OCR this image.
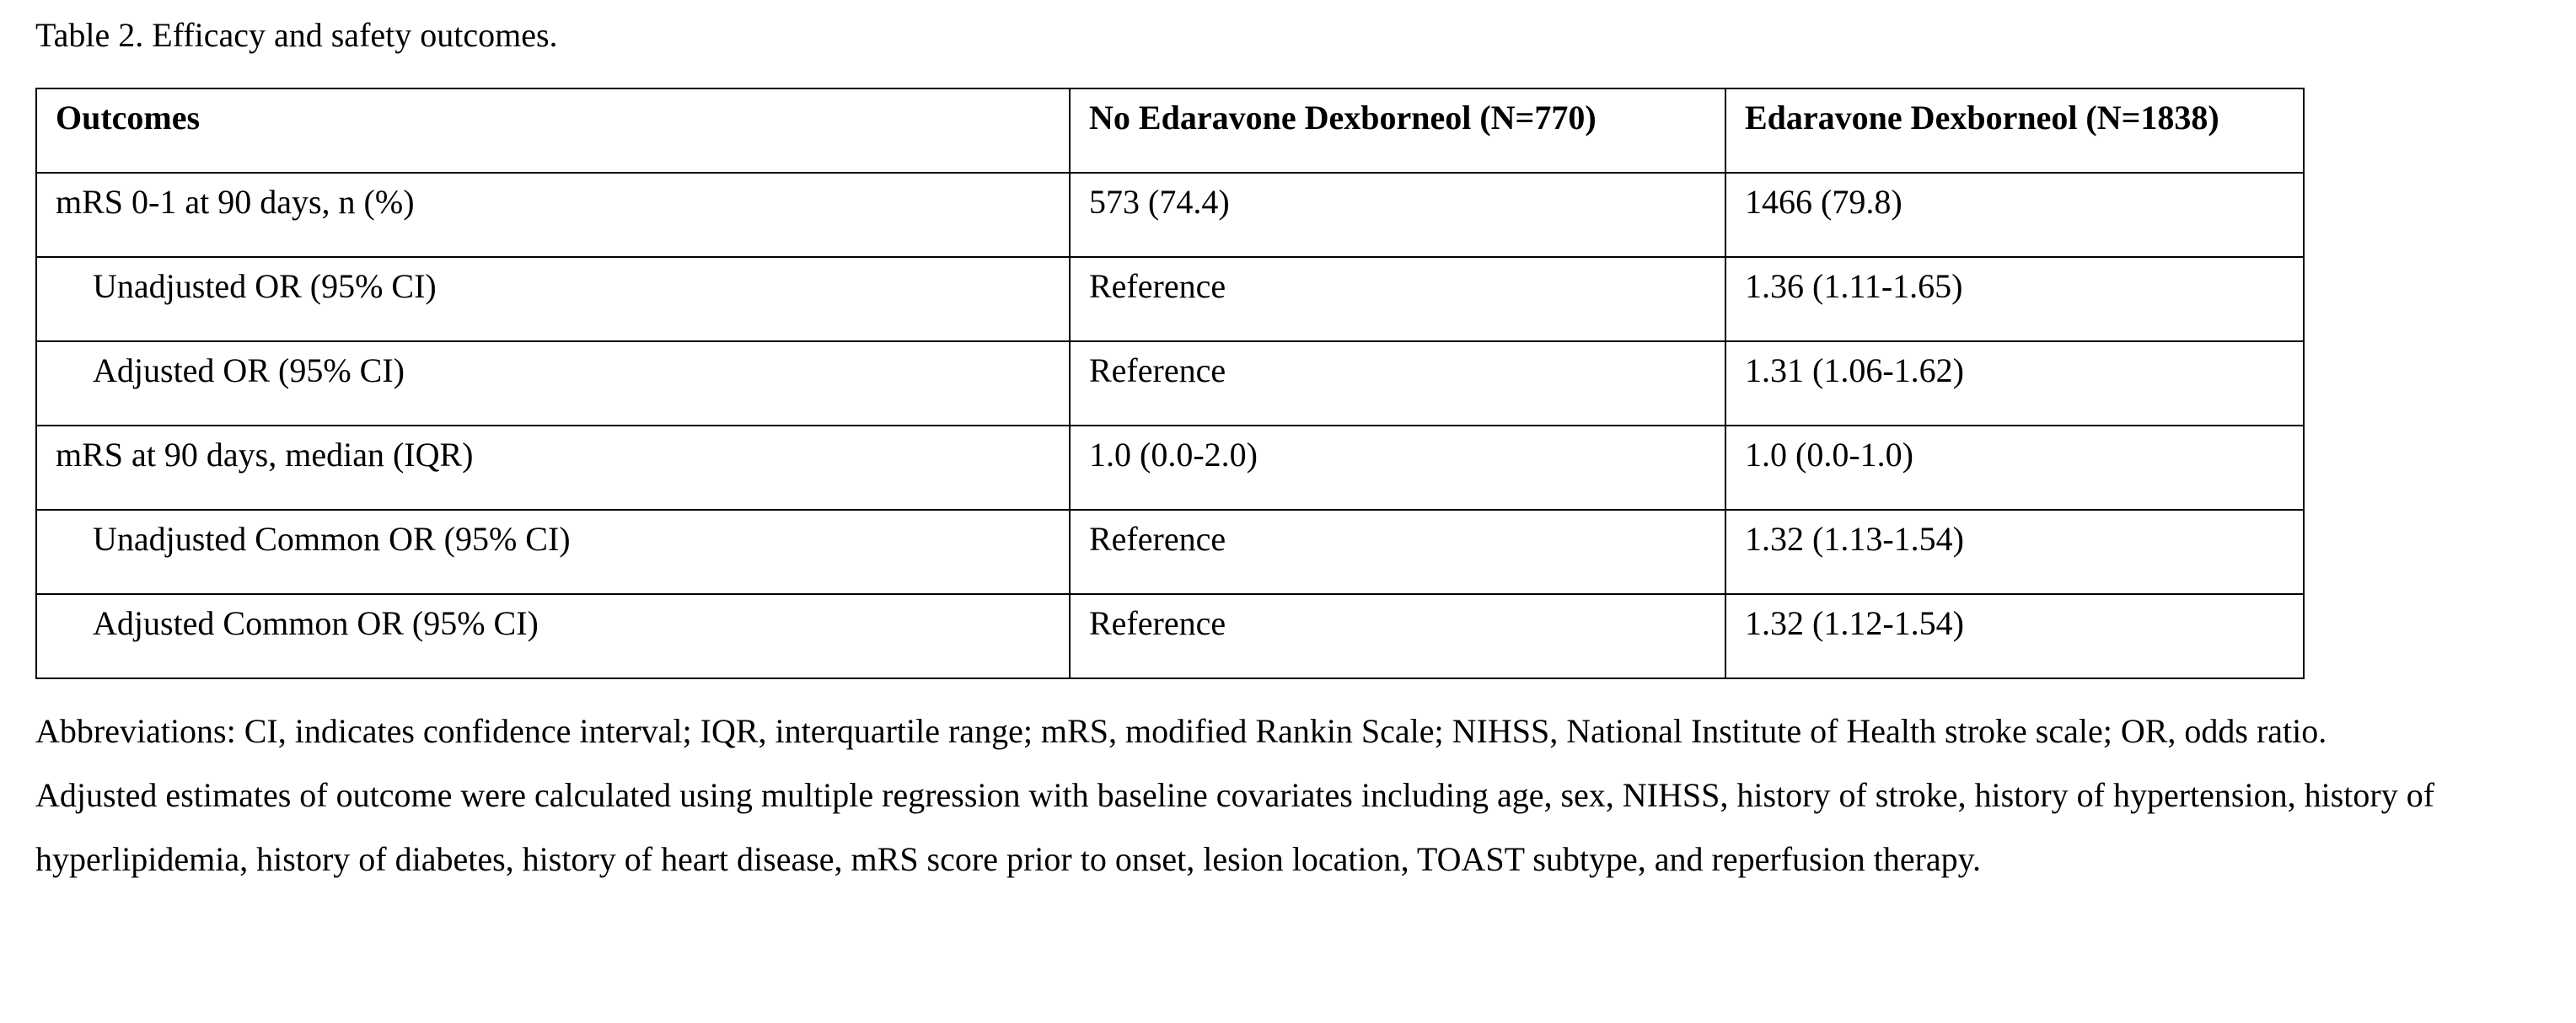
Table 2. Efficacy and safety outcomes.
Outcomes	No Edaravone Dexborneol (N=770)	Edaravone Dexborneol (N=1838)
mRS 0-1 at 90 days, n (%)	573 (74.4)	1466 (79.8)
Unadjusted OR (95% CI)	Reference	1.36 (1.11-1.65)
Adjusted OR (95% CI)	Reference	1.31 (1.06-1.62)
mRS at 90 days, median (IQR)	1.0 (0.0-2.0)	1.0 (0.0-1.0)
Unadjusted Common OR (95% CI)	Reference	1.32 (1.13-1.54)
Adjusted Common OR (95% CI)	Reference	1.32 (1.12-1.54)

Abbreviations: CI, indicates confidence interval; IQR, interquartile range; mRS, modified Rankin Scale; NIHSS, National Institute of Health stroke scale; OR, odds ratio.

Adjusted estimates of outcome were calculated using multiple regression with baseline covariates including age, sex, NIHSS, history of stroke, history of hypertension, history of hyperlipidemia, history of diabetes, history of heart disease, mRS score prior to onset, lesion location, TOAST subtype, and reperfusion therapy.
